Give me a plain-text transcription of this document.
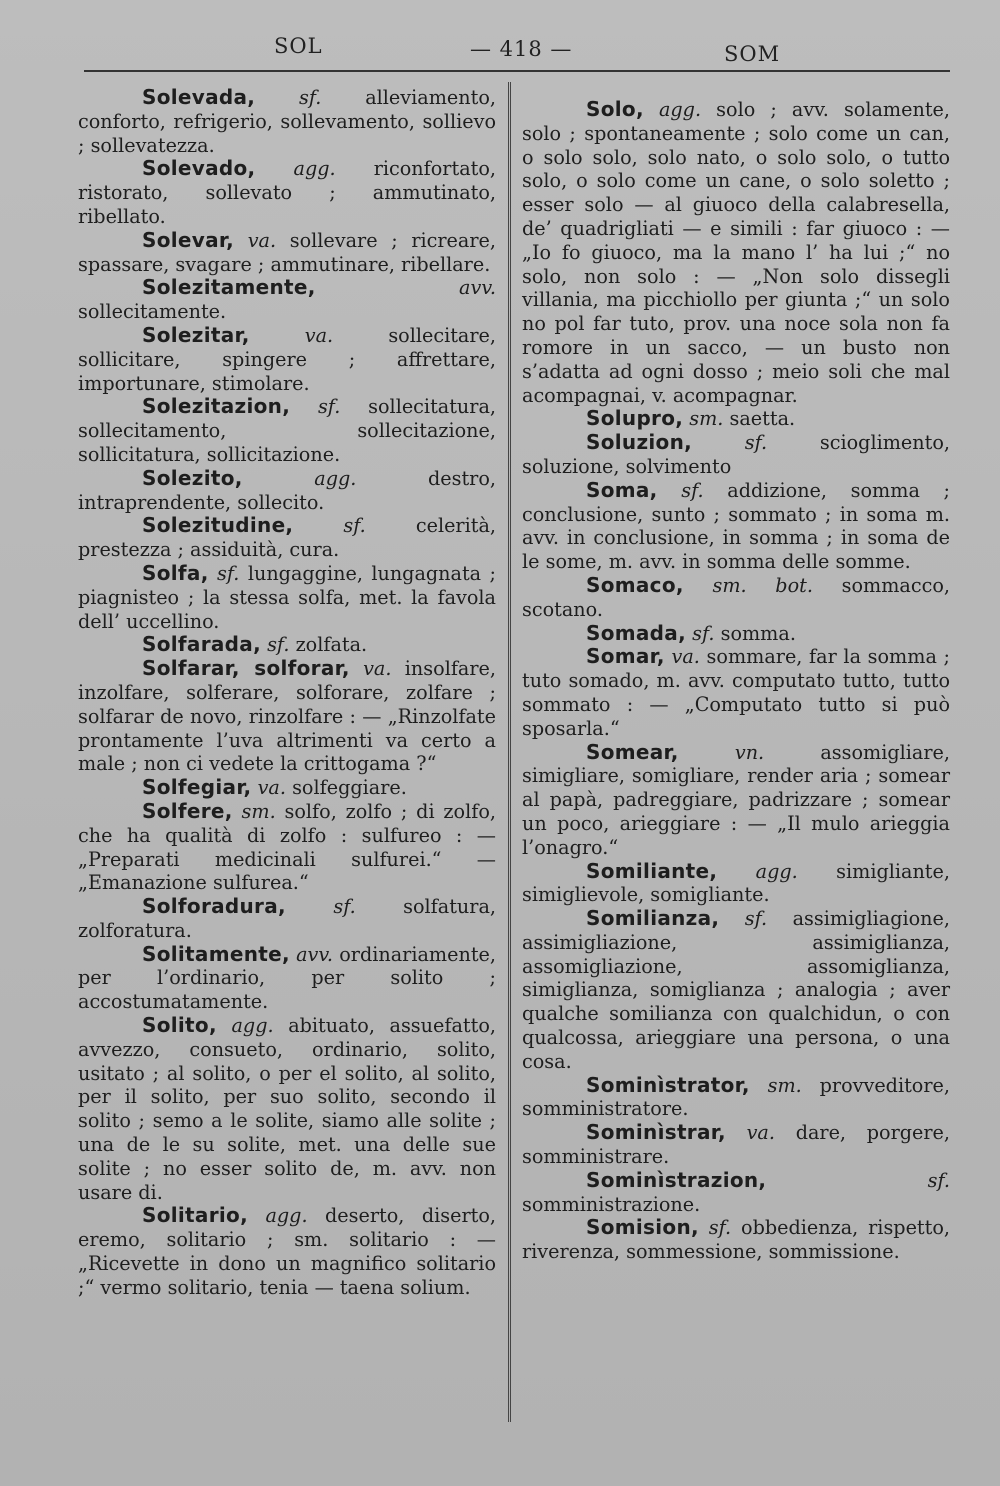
SOL	— 418 —	SOM

Solevada, sf. alleviamento, conforto, refrigerio, sollevamento, sollievo ; sollevatezza.

Solevado, agg. riconfortato, ristorato, sollevato ; ammutinato, ribellato.

Solevar, va. sollevare ; ricreare, spassare, svagare ; ammutinare, ribellare.

Solezitamente,	avv. sollecitamente.

Solezitar,	va.	sollecitare, sollicitare, spingere ; affrettare, importunare, stimolare.

Solezitazion, sf. sollecitatura, sollecitamento, sollecitazione, sollicitatura, sollicitazione.

Solezito,	agg.	destro, intraprendente, sollecito.

Solezitudine,	sf.	celerità, prestezza ; assiduità, cura.

Solfa, sf. lungaggine, lungagnata ; piagnisteo ; la stessa solfa, met. la favola dell’ uccellino.

Solfarada, sf. zolfata.

Solfarar, solforar, va. insolfare, inzolfare, solferare, solforare, zolfare ; solfarar de novo, rinzolfare : — „Rinzolfate prontamente l’uva altrimenti va certo a male ; non ci vedete la crittogama ?“

Solfegiar, va. solfeggiare.

Solfere, sm. solfo, zolfo ; di zolfo, che ha qualità di zolfo : sulfureo : — „Preparati medicinali sulfurei.“ — „Emanazione sulfurea.“

Solforadura, sf. solfatura, zolforatura.

Solitamente, avv. ordinariamente, per l’ordinario, per solito ; accostumatamente.

Solito, agg. abituato, assuefatto, avvezzo, consueto, ordinario, solito, usitato ; al solito, o per el solito, al solito, per il solito, per suo solito, secondo il solito ; semo a le solite, siamo alle solite ; una de le su solite, met. una delle sue solite ; no esser solito de, m. avv. non usare di.

Solitario, agg. deserto, diserto, eremo, solitario ; sm. solitario : — „Ricevette in dono un magnifico solitario ;“ vermo solitario, tenia — taena solium.

Solo, agg. solo ; avv. solamente, solo ; spontaneamente ; solo come un can, o solo solo, solo nato, o solo solo, o tutto solo, o solo come un cane, o solo soletto ; esser solo — al giuoco della calabresella, de’ quadrigliati — e simili : far giuoco : — „Io fo giuoco, ma la mano l’ ha lui ;“ no solo, non solo : — „Non solo dissegli villania, ma picchiollo per giunta ;“ un solo no pol far tuto, prov. una noce sola non fa romore in un sacco, — un busto non s’adatta ad ogni dosso ; meio soli che mal acompagnai, v. acompagnar.

Solupro, sm. saetta.

Soluzion,	sf.	scioglimento, soluzione, solvimento

Soma, sf. addizione, somma ; conclusione, sunto ; sommato ; in soma m. avv. in conclusione, in somma ; in soma de le some, m. avv. in somma delle somme.

Somaco, sm. bot. sommacco, scotano.

Somada, sf. somma.

Somar, va. sommare, far la somma ; tuto somado, m. avv. computato tutto, tutto sommato : — „Computato tutto si può sposarla.“

Somear,	vn.	assomigliare, simigliare, somigliare, render aria ; somear al papà, padreggiare, padrizzare ; somear un poco, arieggiare : — „Il mulo arieggia l’onagro.“

Somiliante, agg. simigliante, simiglievole, somigliante.

Somilianza, sf. assimigliagione, assimigliazione, assimiglianza, assomigliazione, assomiglianza, simiglianza, somiglianza ; analogia ; aver qualche somilianza con qualchidun, o con qualcossa, arieggiare una persona, o una cosa.

Sominìstrator, sm. provveditore, somministratore.

Sominìstrar, va. dare, porgere, somministrare.

Sominìstrazion,	sf. somministrazione.

Somision, sf. obbedienza, rispetto, riverenza, sommessione, sommissione.
